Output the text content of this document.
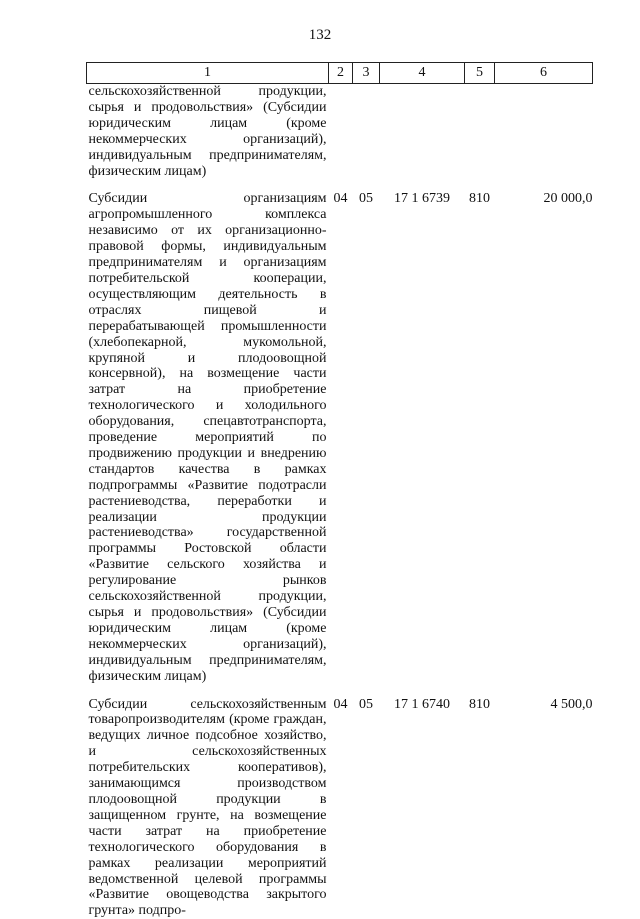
132
1	2	3	4	5	6
сельскохозяйственной продукции, сырья и продовольствия» (Субсидии юридическим лицам (кроме некоммерческих организаций), индивидуальным предпринимателям, физическим лицам)					

Субсидии организациям агропромышленного комплекса независимо от их организационно-правовой формы, индивидуальным предпринимателям и организациям потребительской кооперации, осуществляющим деятельность в отраслях пищевой и перерабатывающей промышленности (хлебопекарной, мукомольной, крупяной и плодоовощной консервной), на возмещение части затрат на приобретение технологического и холодильного оборудования, спецавтотранспорта, проведение мероприятий по продвижению продукции и внедрению стандартов качества в рамках подпрограммы «Развитие подотрасли растениеводства, переработки и реализации продукции растениеводства» государственной программы Ростовской области «Развитие сельского хозяйства и регулирование рынков сельскохозяйственной продукции, сырья и продовольствия» (Субсидии юридическим лицам (кроме некоммерческих организаций), индивидуальным предпринимателям, физическим лицам)	04	05	17 1 6739	810	20 000,0

Субсидии сельскохозяйственным товаропроизводителям (кроме граждан, ведущих личное подсобное хозяйство, и сельскохозяйственных потребительских кооперативов), занимающимся производством плодоовощной продукции в защищенном грунте, на возмещение части затрат на приобретение технологического оборудования в рамках реализации мероприятий ведомственной целевой программы «Развитие овощеводства закрытого грунта» подпро-	04	05	17 1 6740	810	4 500,0
